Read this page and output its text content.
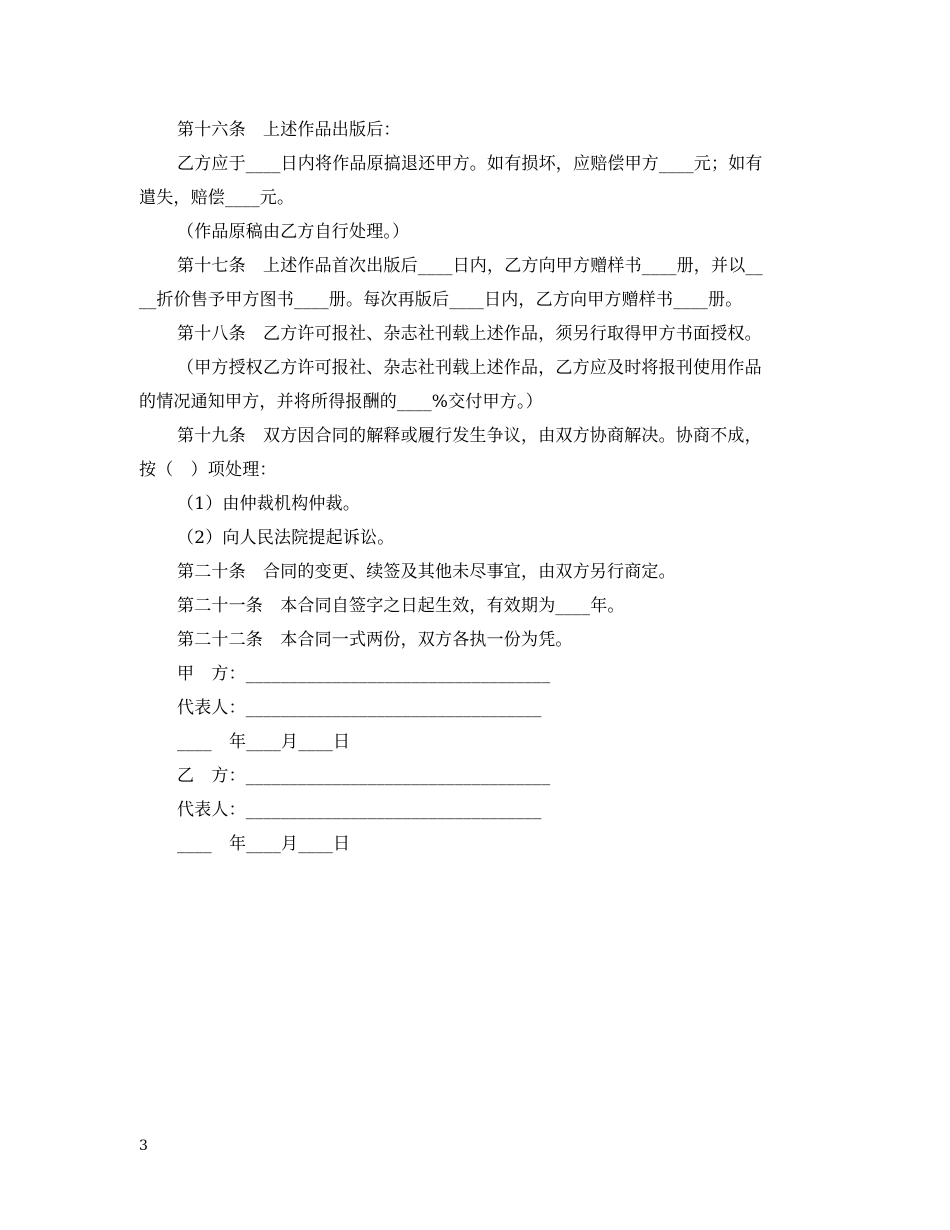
第十六条　上述作品出版后：
乙方应于____日内将作品原搞退还甲方。如有损坏，应赔偿甲方____元；如有
遣失，赔偿____元。
（作品原稿由乙方自行处理。）
第十七条　上述作品首次出版后____日内，乙方向甲方赠样书____册，并以__
__折价售予甲方图书____册。每次再版后____日内，乙方向甲方赠样书____册。
第十八条　乙方许可报社、杂志社刊载上述作品，须另行取得甲方书面授权。
（甲方授权乙方许可报社、杂志社刊载上述作品，乙方应及时将报刊使用作品
的情况通知甲方，并将所得报酬的____%交付甲方。）
第十九条　双方因合同的解释或履行发生争议，由双方协商解决。协商不成，
按（　）项处理：
（1）由仲裁机构仲裁。
（2）向人民法院提起诉讼。
第二十条　合同的变更、续签及其他未尽事宜，由双方另行商定。
第二十一条　本合同自签字之日起生效，有效期为____年。
第二十二条　本合同一式两份，双方各执一份为凭。
甲　方：___________________________________
代表人：__________________________________
____　年____月____日
乙　方：___________________________________
代表人：__________________________________
____　年____月____日
3
